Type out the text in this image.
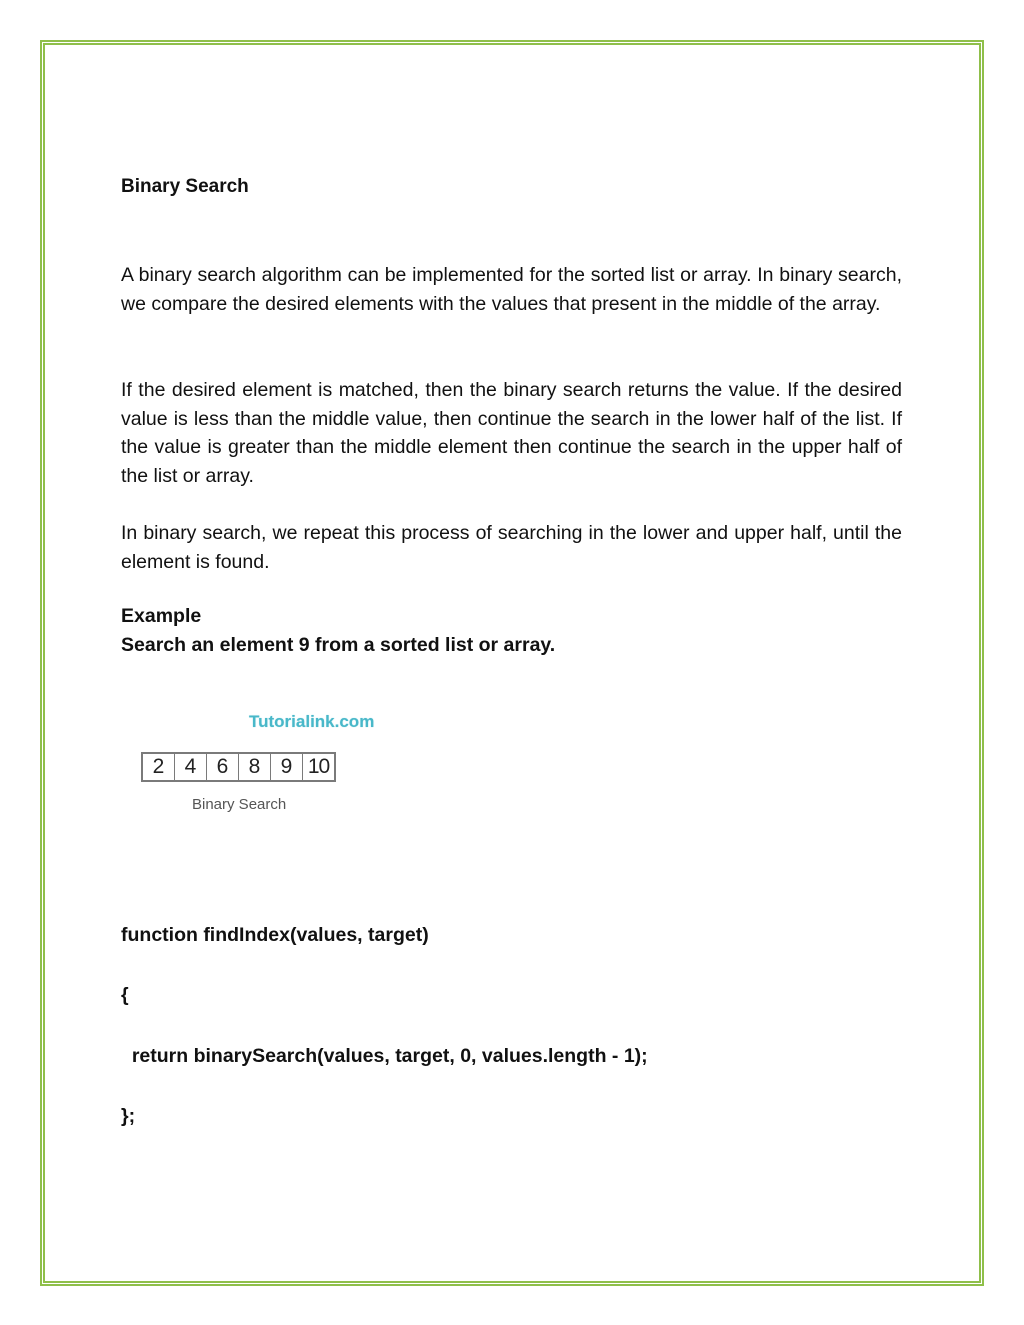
Binary Search

A binary search algorithm can be implemented for the sorted list or array. In binary search, we compare the desired elements with the values that present in the middle of the array.

If the desired element is matched, then the binary search returns the value. If the desired value is less than the middle value, then continue the search in the lower half of the list. If the value is greater than the middle element then continue the search in the upper half of the list or array.

In binary search, we repeat this process of searching in the lower and upper half, until the element is found.

Example

Search an element 9 from a sorted list or array.

function findIndex(values, target)

{

return binarySearch(values, target, 0, values.length - 1);

};

Tutorialink.com
2 4 6 8 9 10
Binary Search
